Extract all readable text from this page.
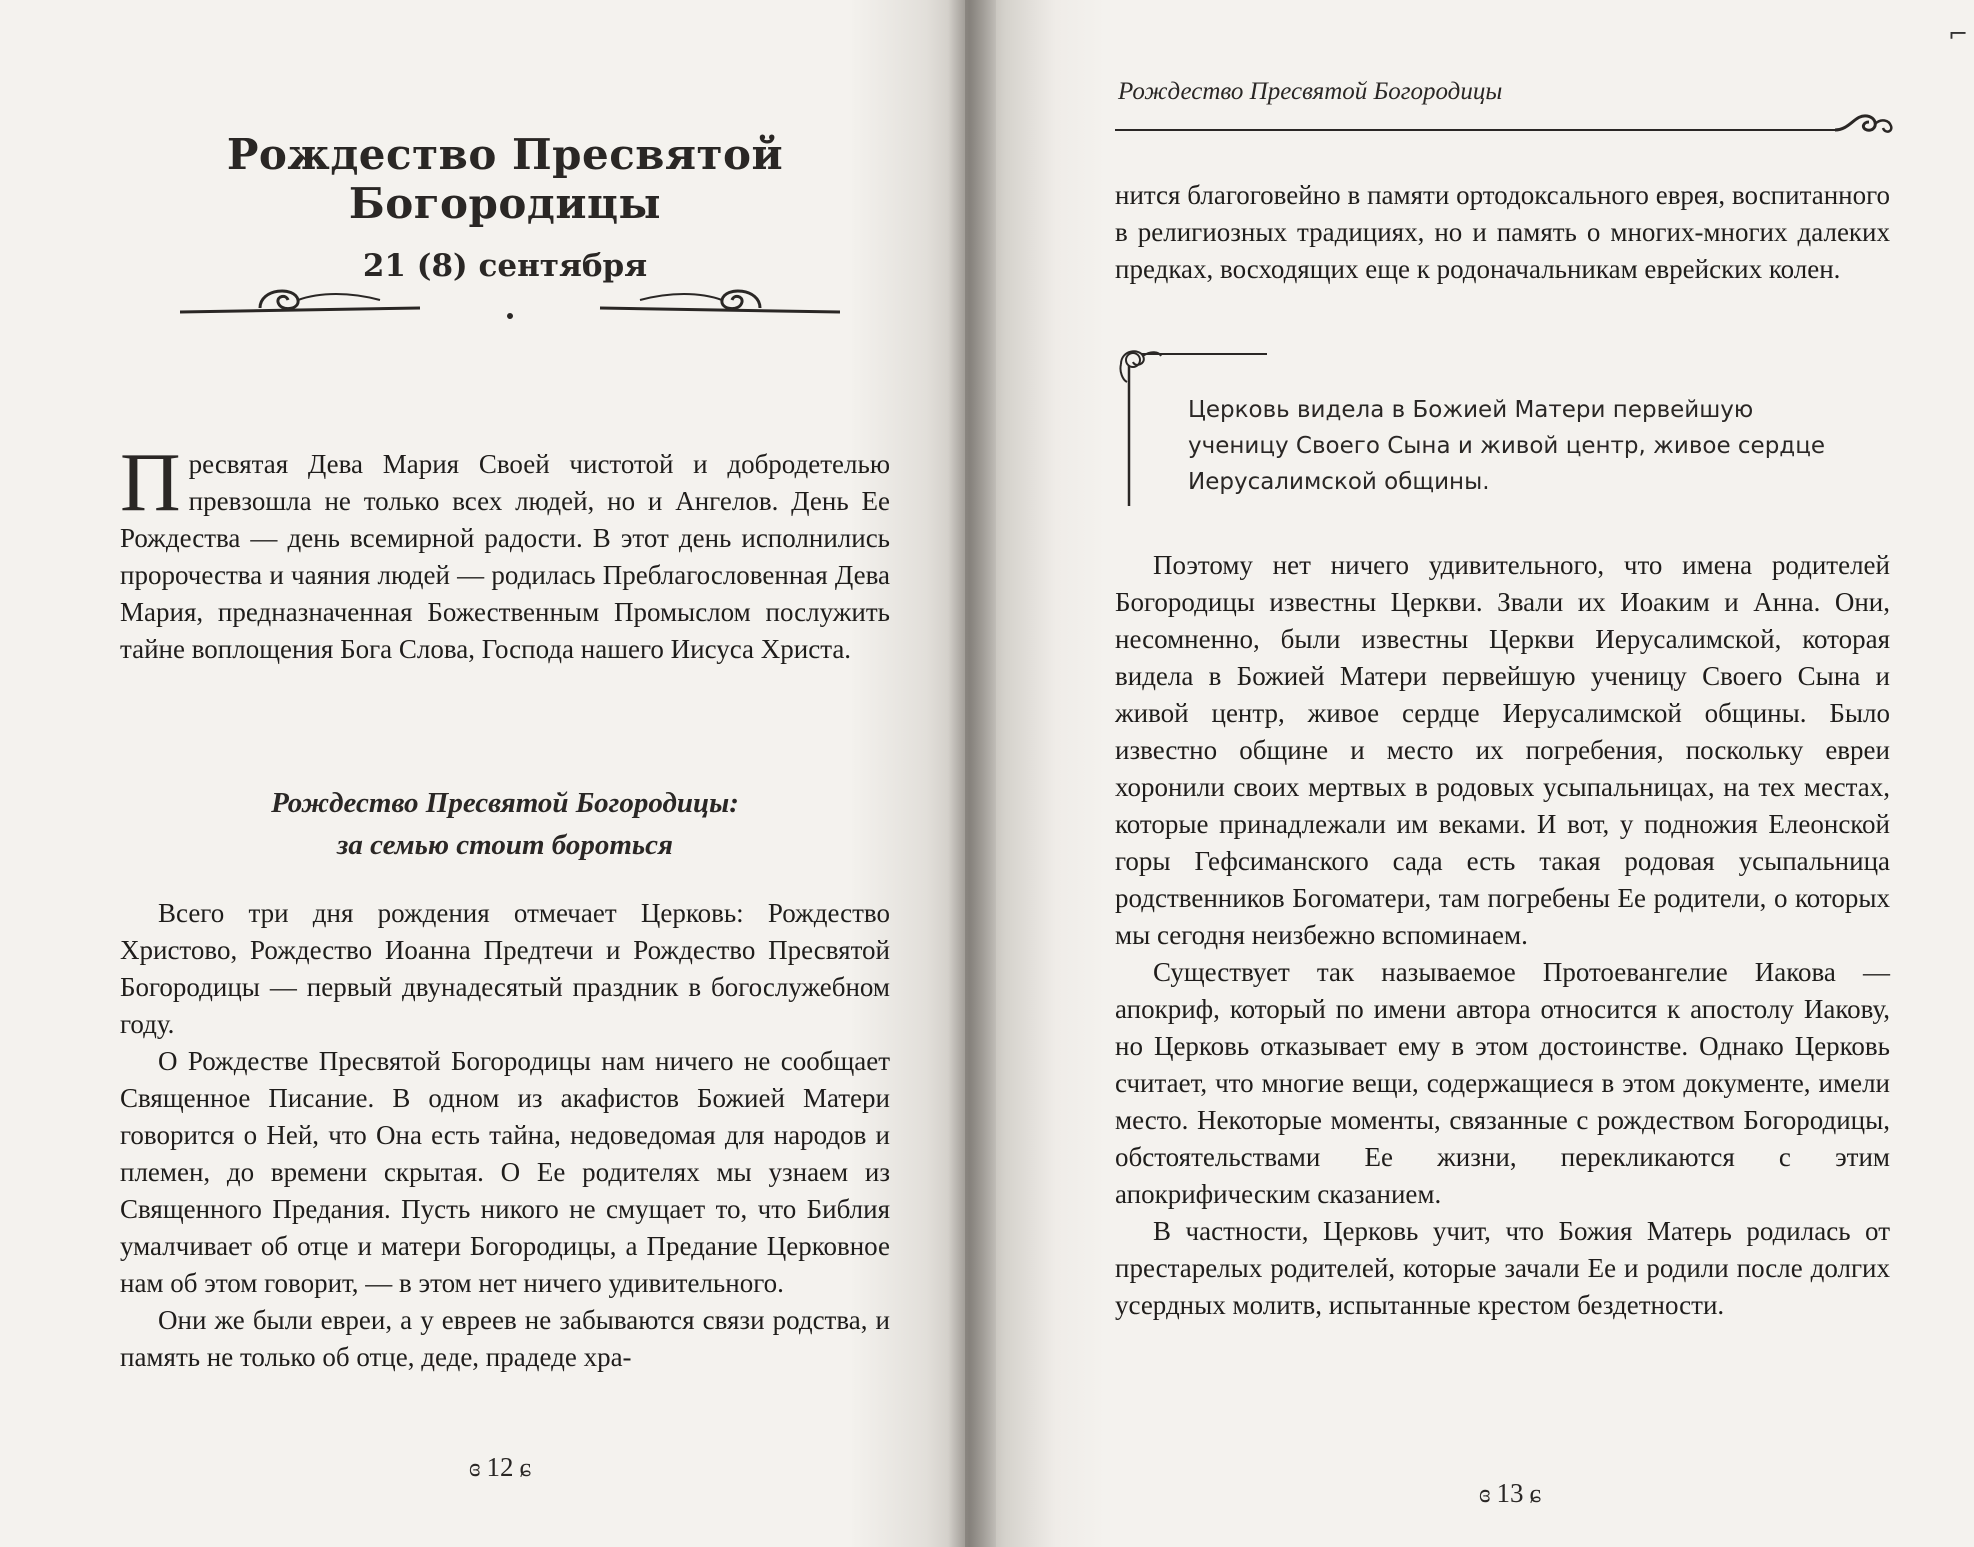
Рождество Пресвятой Богородицы
21 (8) сентября
П ресвятая Дева Мария Своей чистотой и добродетелью превзошла не только всех людей, но и Ангелов. День Ее Рождества — день всемирной радости. В этот день исполнились пророчества и чаяния людей — родилась Преблагословенная Дева Мария, предназначенная Божественным Промыслом послужить тайне воплощения Бога Слова, Господа нашего Иисуса Христа.
Рождество Пресвятой Богородицы:
за семью стоит бороться

Всего три дня рождения отмечает Церковь: Рождество Христово, Рождество Иоанна Предтечи и Рождество Пресвятой Богородицы — первый двунадесятый праздник в богослужебном году.

О Рождестве Пресвятой Богородицы нам ничего не сообщает Священное Писание. В одном из акафистов Божией Матери говорится о Ней, что Она есть тайна, недоведомая для народов и племен, до времени скрытая. О Ее родителях мы узнаем из Священного Предания. Пусть никого не смущает то, что Библия умалчивает об отце и матери Богородицы, а Предание Церковное нам об этом говорит, — в этом нет ничего удивительного.

Они же были евреи, а у евреев не забываются связи родства, и память не только об отце, деде, прадеде хра-

ɞ 12 ɕ
⌐
Рождество Пресвятой Богородицы

нится благоговейно в памяти ортодоксального еврея, воспитанного в религиозных традициях, но и память о многих-многих далеких предках, восходящих еще к родоначальникам еврейских колен.

Церковь видела в Божией Матери первейшую ученицу Своего Сына и живой центр, живое сердце Иерусалимской общины.

Поэтому нет ничего удивительного, что имена родителей Богородицы известны Церкви. Звали их Иоаким и Анна. Они, несомненно, были известны Церкви Иерусалимской, которая видела в Божией Матери первейшую ученицу Своего Сына и живой центр, живое сердце Иерусалимской общины. Было известно общине и место их погребения, поскольку евреи хоронили своих мертвых в родовых усыпальницах, на тех местах, которые принадлежали им веками. И вот, у подножия Елеонской горы Гефсиманского сада есть такая родовая усыпальница родственников Богоматери, там погребены Ее родители, о которых мы сегодня неизбежно вспоминаем.

Существует так называемое Протоевангелие Иакова — апокриф, который по имени автора относится к апостолу Иакову, но Церковь отказывает ему в этом достоинстве. Однако Церковь считает, что многие вещи, содержащиеся в этом документе, имели место. Некоторые моменты, связанные с рождеством Богородицы, обстоятельствами Ее жизни, перекликаются с этим апокрифическим сказанием.

В частности, Церковь учит, что Божия Матерь родилась от престарелых родителей, которые зачали Ее и родили после долгих усердных молитв, испытанные крестом бездетности.

ɞ 13 ɕ
